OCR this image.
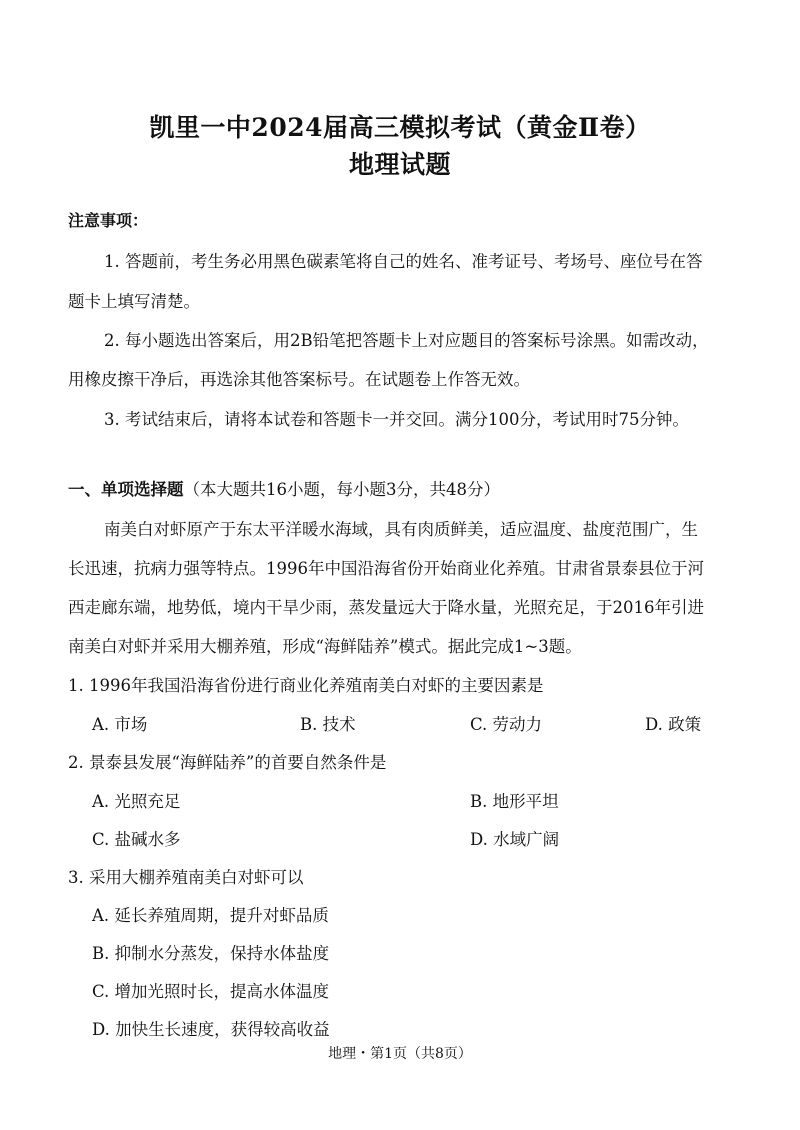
凯里一中2024届高三模拟考试（黄金Ⅱ卷）
地理试题
注意事项：
1. 答题前，考生务必用黑色碳素笔将自己的姓名、准考证号、考场号、座位号在答
题卡上填写清楚。
2. 每小题选出答案后，用2B铅笔把答题卡上对应题目的答案标号涂黑。如需改动，
用橡皮擦干净后，再选涂其他答案标号。在试题卷上作答无效。
3. 考试结束后，请将本试卷和答题卡一并交回。满分100分，考试用时75分钟。
一、单项选择题（本大题共16小题，每小题3分，共48分）
南美白对虾原产于东太平洋暖水海域，具有肉质鲜美，适应温度、盐度范围广，生
长迅速，抗病力强等特点。1996年中国沿海省份开始商业化养殖。甘肃省景泰县位于河
西走廊东端，地势低，境内干旱少雨，蒸发量远大于降水量，光照充足，于2016年引进
南美白对虾并采用大棚养殖，形成“海鲜陆养”模式。据此完成1~3题。
1. 1996年我国沿海省份进行商业化养殖南美白对虾的主要因素是
A. 市场	B. 技术	C. 劳动力	D. 政策
2. 景泰县发展“海鲜陆养”的首要自然条件是
A. 光照充足	B. 地形平坦
C. 盐碱水多	D. 水域广阔
3. 采用大棚养殖南美白对虾可以
A. 延长养殖周期，提升对虾品质
B. 抑制水分蒸发，保持水体盐度
C. 增加光照时长，提高水体温度
D. 加快生长速度，获得较高收益
地理・第1页（共8页）
